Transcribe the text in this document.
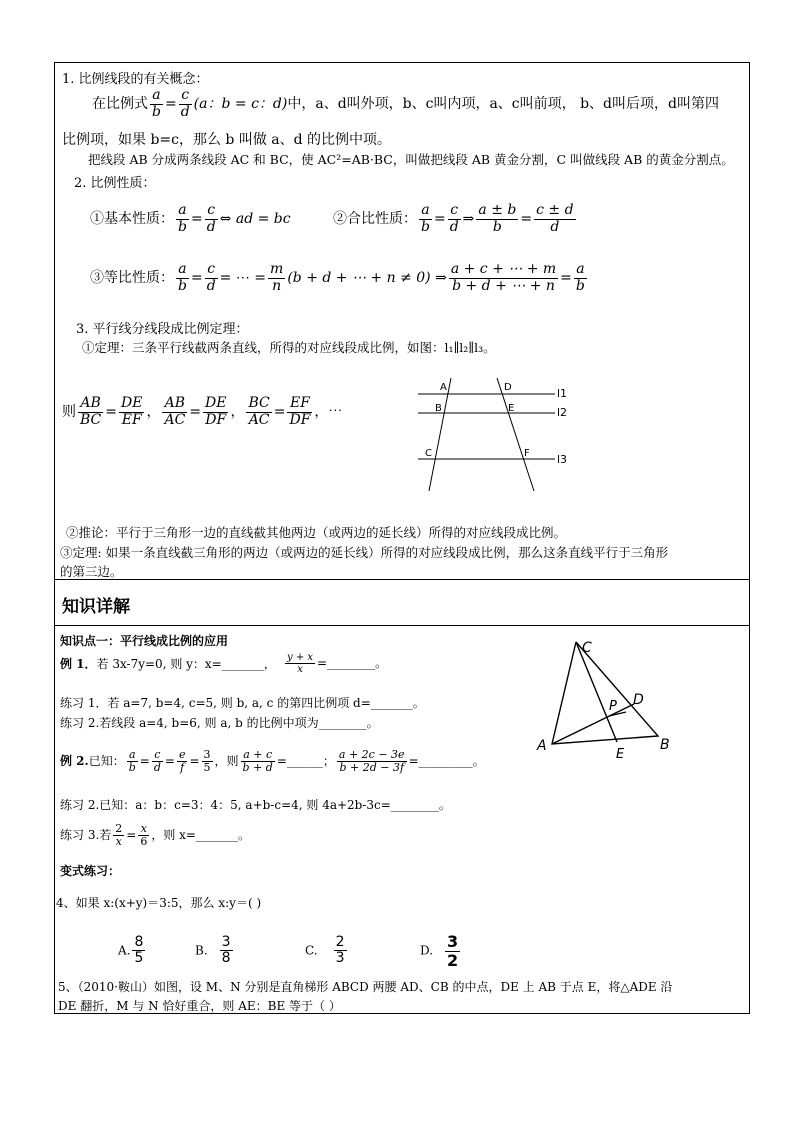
1. 比例线段的有关概念：
在比例式 $\frac{a}{b} = \frac{c}{d} (a$：b = c：d)中，a、d叫外项，b、c叫内项，a、c叫前项， b、d叫后项，d叫第四
比例项，如果 b=c，那么 b 叫做 a、d 的比例中项。
把线段 AB 分成两条线段 AC 和 BC，使 AC²=AB·BC，叫做把线段 AB 黄金分割，C 叫做线段 AB 的黄金分割点。
2. 比例性质：
①基本性质： $\frac{a}{b} = \frac{c}{d}$ ⇔ ad = bc	②合比性质： $\frac{a}{b} = \frac{c}{d}$ ⇒ $\frac{a \pm b}{b} = \frac{c \pm d}{d}$
③等比性质： $\frac{a}{b} = \frac{c}{d}$ = ⋯ = $\frac{m}{n} (b + d$ + ⋯ + n ≠ 0) ⇒ $\frac{a + c + \cdots + m}{b + d + \cdots + n} = \frac{a}{b}$
3. 平行线分线段成比例定理：
①定理：三条平行线截两条直线，所得的对应线段成比例，如图：l₁∥l₂∥l₃。
则 $\frac{AB}{BC} = \frac{DE}{EF}$ ， $\frac{AB}{AC} = \frac{DE}{DF}$ ， $\frac{BC}{AC} = \frac{EF}{DF}$ ，⋯
A
B
C
D
E
F
l1
l2
l3
②推论：平行于三角形一边的直线截其他两边（或两边的延长线）所得的对应线段成比例。
③定理: 如果一条直线截三角形的两边（或两边的延长线）所得的对应线段成比例，那么这条直线平行于三角形
的第三边。
知识详解
知识点一：平行线成比例的应用
例 1．若 3x-7y=0, 则 y：x=_______， $\frac{y + x}{x}$ =________。
练习 1．若 a=7, b=4, c=5, 则 b, a, c 的第四比例项 d=_______。
练习 2.若线段 a=4, b=6, 则 a, b 的比例中项为________。
例 2.已知： $\frac{a}{b} = \frac{c}{d} = \frac{e}{f} = \frac{3}{5}$ ，则 $\frac{a + c}{b + d}$ =______； $\frac{a + 2c - 3e}{b + 2d - 3f}$ =_________。
练习 2.已知：a：b：c=3：4：5, a+b-c=4, 则 4a+2b-3c=________。
练习 3.若 $\frac{2}{x} = \frac{x}{6}$ ，则 x=_______。
变式练习：
4、如果 x:(x+y)＝3:5，那么 x:y＝( )
A. $\frac{8}{5}$	B. $\frac{3}{8}$	C. $\frac{2}{3}$	D. $\frac{3}{2}$
5、（2010·鞍山）如图，设 M、N 分别是直角梯形 ABCD 两腰 AD、CB 的中点，DE 上 AB 于点 E，将△ADE 沿
DE 翻折，M 与 N 恰好重合，则 AE：BE 等于（ ）
C
D
P
A
E
B
